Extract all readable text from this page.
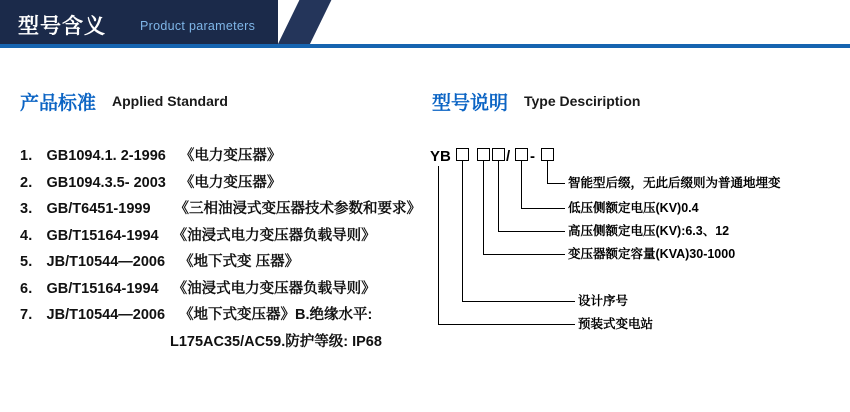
型号含义	Product parameters
产品标准 Applied Standard
1. GB1094.1. 2-1996 《电力变压器》
2. GB1094.3.5- 2003 《电力变压器》
3. GB/T6451-1999 《三相油浸式变压器技术参数和要求》
4. GB/T15164-1994 《油浸式电力变压器负载导则》
5. JB/T10544—2006 《地下式变 压器》
6. GB/T15164-1994 《油浸式电力变压器负载导则》
7. JB/T10544—2006 《地下式变压器》B.绝缘水平:
L175AC35/AC59.防护等级: IP68
型号说明 Type Desciription
YB	/ -
智能型后缀，无此后缀则为普通地埋变
低压侧额定电压(KV)0.4
高压侧额定电压(KV):6.3、12
变压器额定容量(KVA)30-1000
设计序号
预装式变电站
